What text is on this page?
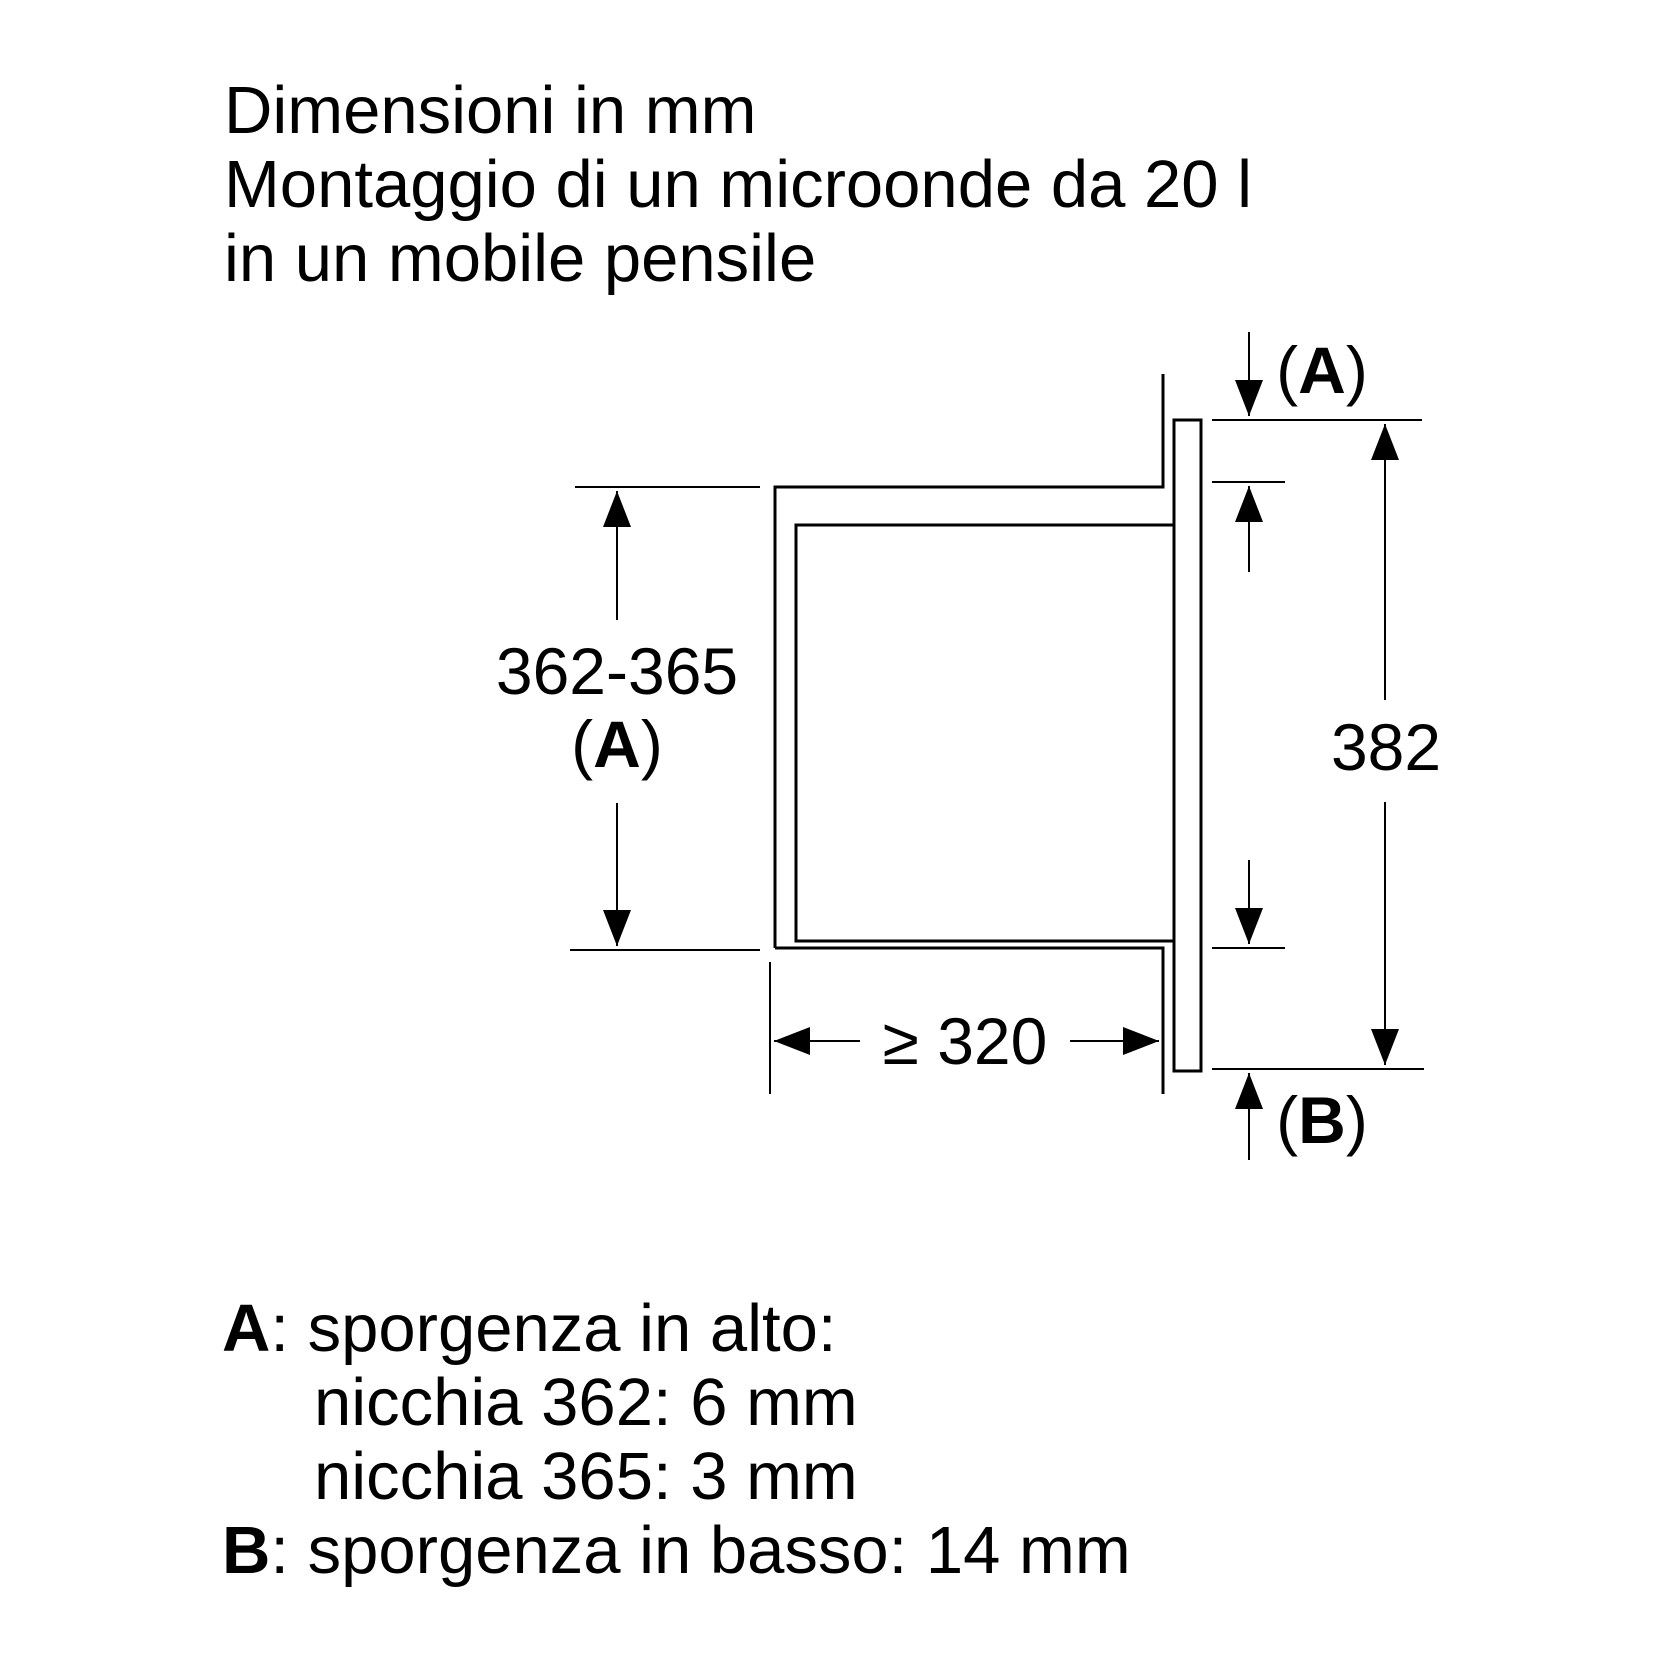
Dimensioni in mm
Montaggio di un microonde da 20 l
in un mobile pensile
362-365
(A)
≥ 320
382
(A)
(B)
A: sporgenza in alto:
nicchia 362: 6 mm
nicchia 365: 3 mm
B: sporgenza in basso: 14 mm
